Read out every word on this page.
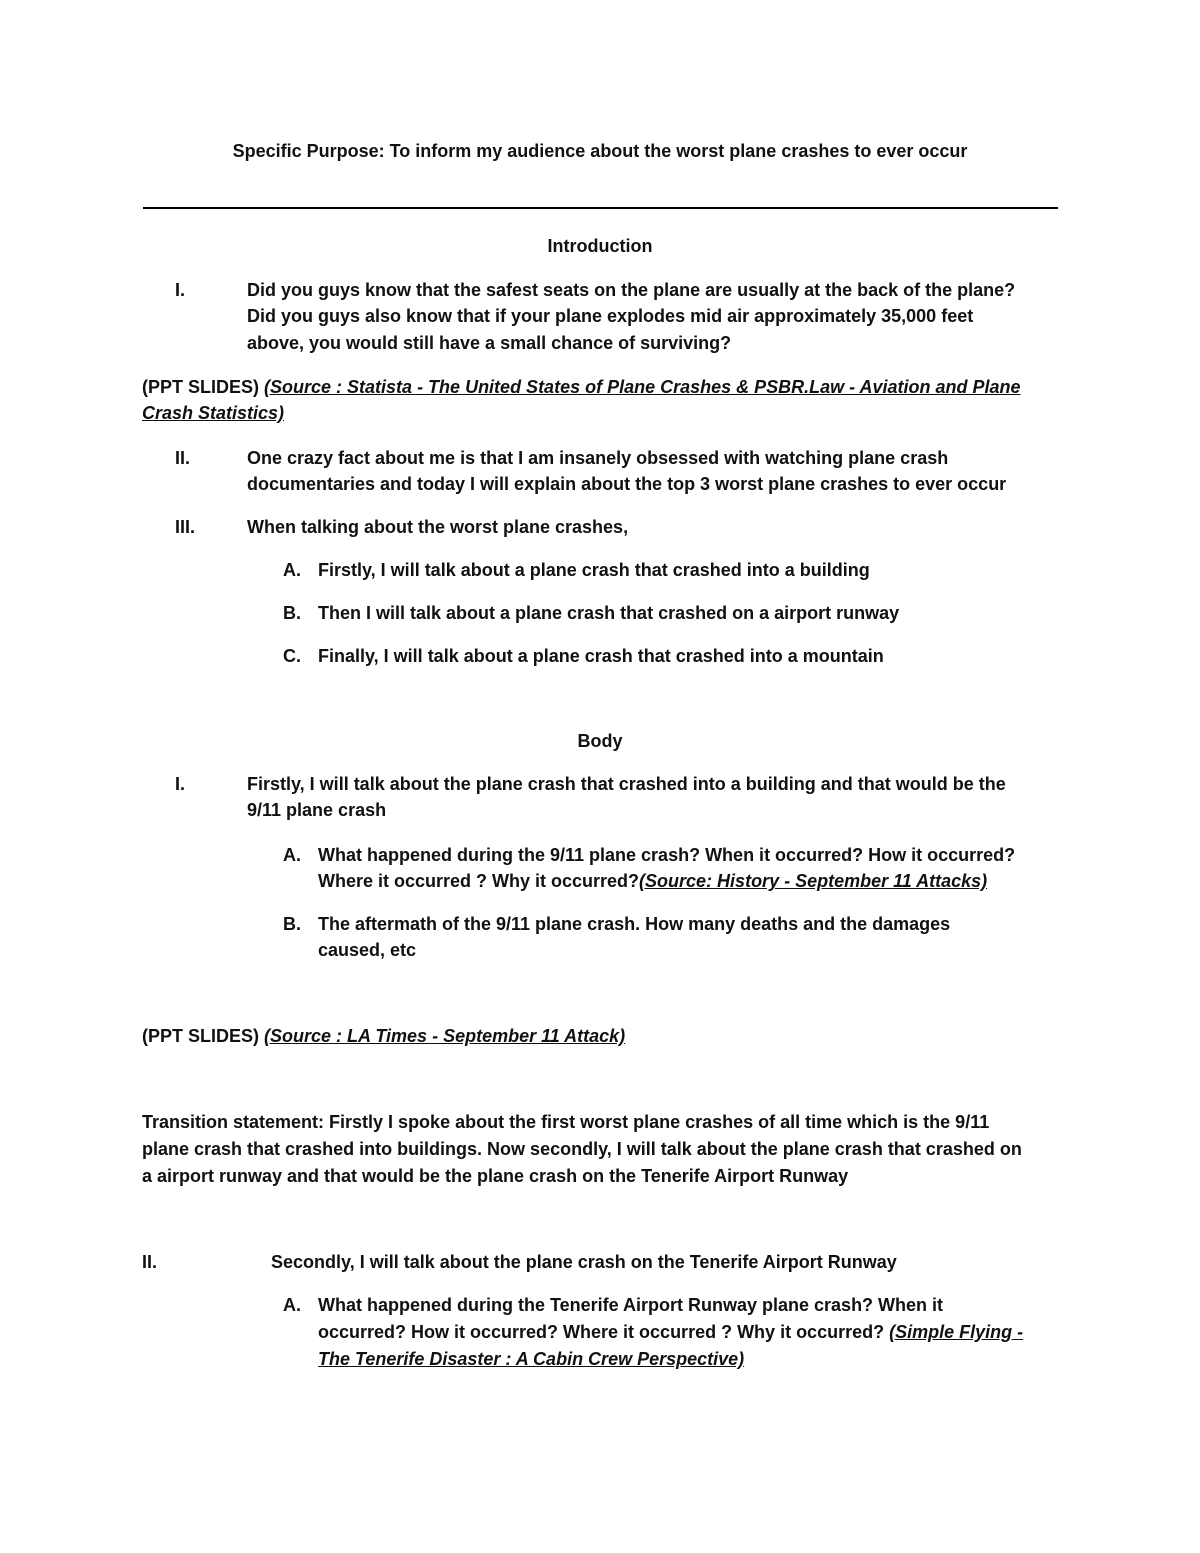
Specific Purpose: To inform my audience about the worst plane crashes to ever occur
Introduction
I.	Did you guys know that the safest seats on the plane are usually at the back of the plane?
Did you guys also know that if your plane explodes mid air approximately 35,000 feet
above, you would still have a small chance of surviving?
(PPT SLIDES) (Source : Statista - The United States of Plane Crashes & PSBR.Law - Aviation and Plane
Crash Statistics)
II.	One crazy fact about me is that I am insanely obsessed with watching plane crash
documentaries and today I will explain about the top 3 worst plane crashes to ever occur
III.	When talking about the worst plane crashes,
A. Firstly, I will talk about a plane crash that crashed into a building
B. Then I will talk about a plane crash that crashed on a airport runway
C. Finally, I will talk about a plane crash that crashed into a mountain
Body
I.	Firstly, I will talk about the plane crash that crashed into a building and that would be the
9/11 plane crash
A. What happened during the 9/11 plane crash? When it occurred? How it occurred?
Where it occurred ? Why it occurred?(Source: History - September 11 Attacks)
B. The aftermath of the 9/11 plane crash. How many deaths and the damages
caused, etc
(PPT SLIDES) (Source : LA Times - September 11 Attack)
Transition statement: Firstly I spoke about the first worst plane crashes of all time which is the 9/11
plane crash that crashed into buildings. Now secondly, I will talk about the plane crash that crashed on
a airport runway and that would be the plane crash on the Tenerife Airport Runway
II.	Secondly, I will talk about the plane crash on the Tenerife Airport Runway
A. What happened during the Tenerife Airport Runway plane crash? When it
occurred? How it occurred? Where it occurred ? Why it occurred? (Simple Flying -
The Tenerife Disaster : A Cabin Crew Perspective)
